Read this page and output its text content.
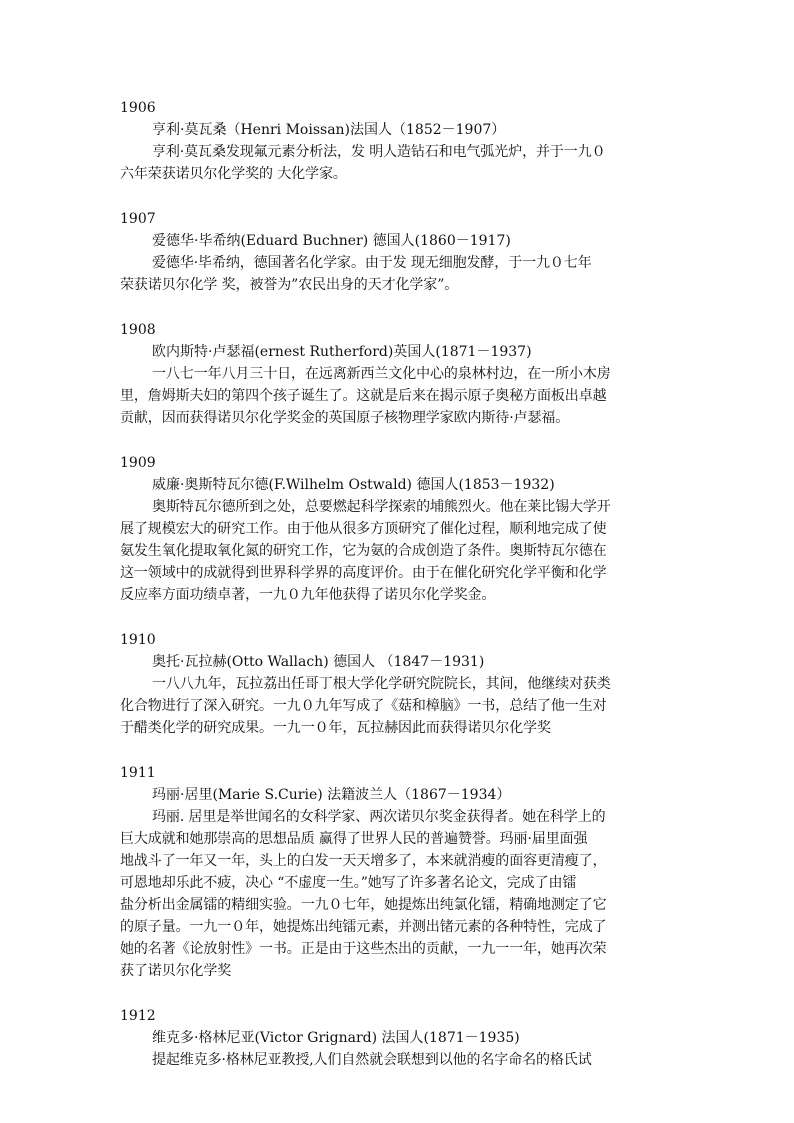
1906
亨利·莫瓦桑（Henri Moissan)法国人（1852－1907）
亨利·莫瓦桑发现氟元素分析法，发 明人造钻石和电气弧光炉，并于一九０
六年荣获诺贝尔化学奖的 大化学家。
1907
爱德华·毕希纳(Eduard Buchner) 德国人(1860－1917)
爱德华·毕希纳，德国著名化学家。由于发 现无细胞发酵，于一九０七年
荣获诺贝尔化学 奖，被誉为”农民出身的天才化学家”。
1908
欧内斯特·卢瑟福(ernest Rutherford)英国人(1871－1937)
一八七一年八月三十日，在远离新西兰文化中心的泉林村边，在一所小木房
里，詹姆斯夫妇的第四个孩子诞生了。这就是后来在揭示原子奥秘方面板出卓越
贡献，因而获得诺贝尔化学奖金的英国原子核物理学家欧内斯待·卢瑟福。
1909
威廉·奥斯特瓦尔德(F.Wilhelm Ostwald) 德国人(1853－1932)
奥斯特瓦尔德所到之处，总要燃起科学探索的埔熊烈火。他在莱比锡大学开
展了规模宏大的研究工作。由于他从很多方顶研究了催化过程，顺利地完成了使
氨发生氧化提取氧化氮的研究工作，它为氨的合成创造了条件。奥斯特瓦尔德在
这一领域中的成就得到世界科学界的高度评价。由于在催化研究化学平衡和化学
反应率方面功绩卓著，一九０九年他获得了诺贝尔化学奖金。
1910
奥托·瓦拉赫(Otto Wallach) 德国人 （1847－1931)
一八八九年，瓦拉荔出任哥丁根大学化学研究院院长，其间，他继续对获类
化合物进行了深入研究。一九０九年写成了《菇和樟脑》一书，总结了他一生对
于醋类化学的研究成果。一九一０年，瓦拉赫因此而获得诺贝尔化学奖
1911
玛丽·居里(Marie S.Curie) 法籍波兰人（1867－1934）
玛丽. 居里是举世闻名的女科学家、两次诺贝尔奖金获得者。她在科学上的
巨大成就和她那崇高的思想品质 赢得了世界人民的普遍赞誉。玛丽·届里面强
地战斗了一年又一年，头上的白发一天天增多了，本来就消瘦的面容更清瘦了，
可恩地却乐此不疲，决心 “不虚度一生。”她写了许多著名论文，完成了由镭
盐分析出金属镭的精细实验。一九０七年，她提炼出纯氯化镭，精确地测定了它
的原子量。一九一０年，她提炼出纯镭元素，并测出锗元素的各种特性，完成了
她的名著《论放射性》一书。正是由于这些杰出的贡献，一九一一年，她再次荣
获了诺贝尔化学奖
1912
维克多·格林尼亚(Victor Grignard) 法国人(1871－1935)
提起维克多·格林尼亚教授,人们自然就会联想到以他的名字命名的格氏试
